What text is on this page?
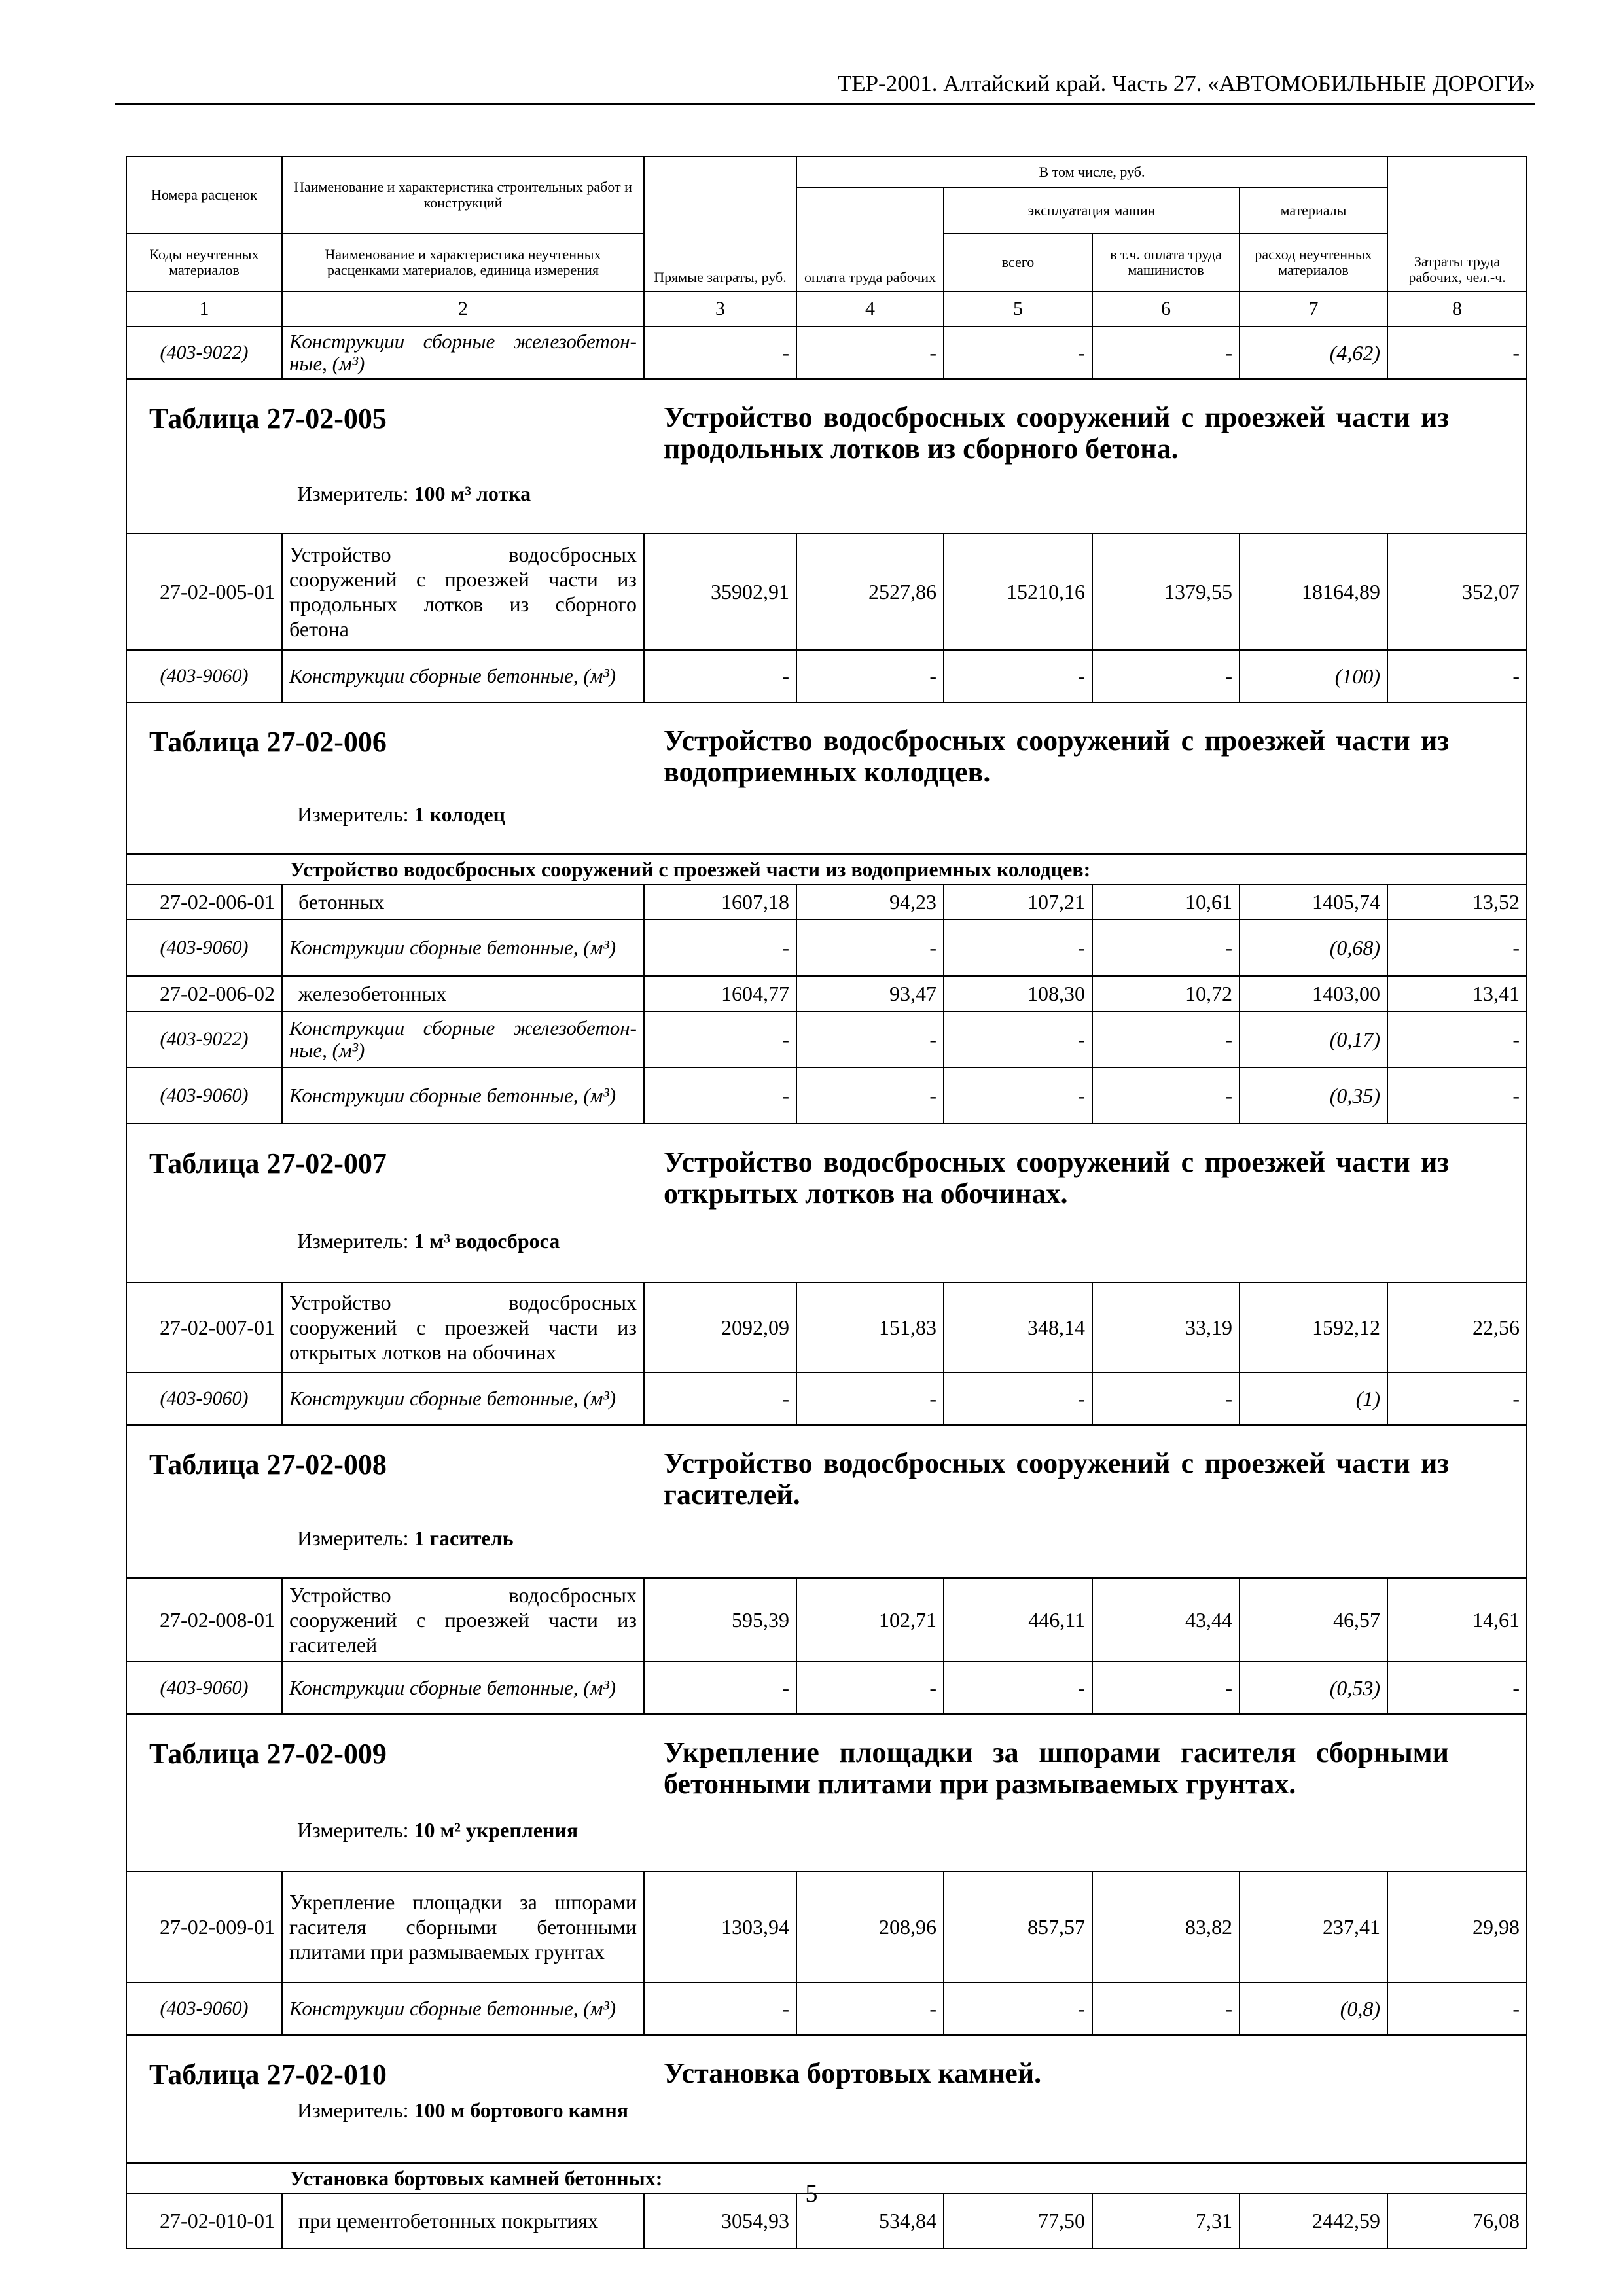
ТЕР-2001. Алтайский край. Часть 27. «АВТОМОБИЛЬНЫЕ ДОРОГИ»
Номера расценок	Наименование и характеристика строительных работ и конструкций	Прямые затраты, руб.	В том числе, руб.				Затраты труда рабочих, чел.-ч.
			оплата труда рабочих	эксплуатация машин		материалы	
Коды неучтенных материалов	Наименование и характеристика неучтенных расценками материалов, единица измерения			всего	в т.ч. оплата труда машинистов	расход неучтенных материалов	

1	2	3	4	5	6	7	8
(403-9022)	Конструкции сборные железобетон-ные, (м³)	-	-	-	-	(4,62)	-

Таблица 27-02-005 Устройство водосбросных сооружений с проезжей части из продольных лотков из сборного бетона.
Измеритель: 100 м³ лотка							

27-02-005-01	Устройство водосбросных сооружений с проезжей части из продольных лотков из сборного бетона	35902,91	2527,86	15210,16	1379,55	18164,89	352,07
(403-9060)	Конструкции сборные бетонные, (м³)	-	-	-	-	(100)	-

Таблица 27-02-006 Устройство водосбросных сооружений с проезжей части из водоприемных колодцев.
Измеритель: 1 колодец							

	Устройство водосбросных сооружений с проезжей части из водоприемных колодцев:						
27-02-006-01	бетонных	1607,18	94,23	107,21	10,61	1405,74	13,52
(403-9060)	Конструкции сборные бетонные, (м³)	-	-	-	-	(0,68)	-
27-02-006-02	железобетонных	1604,77	93,47	108,30	10,72	1403,00	13,41
(403-9022)	Конструкции сборные железобетон-ные, (м³)	-	-	-	-	(0,17)	-
(403-9060)	Конструкции сборные бетонные, (м³)	-	-	-	-	(0,35)	-

Таблица 27-02-007 Устройство водосбросных сооружений с проезжей части из открытых лотков на обочинах.
Измеритель: 1 м³ водосброса							

27-02-007-01	Устройство водосбросных сооружений с проезжей части из открытых лотков на обочинах	2092,09	151,83	348,14	33,19	1592,12	22,56
(403-9060)	Конструкции сборные бетонные, (м³)	-	-	-	-	(1)	-

Таблица 27-02-008 Устройство водосбросных сооружений с проезжей части из гасителей.
Измеритель: 1 гаситель							

27-02-008-01	Устройство водосбросных сооружений с проезжей части из гасителей	595,39	102,71	446,11	43,44	46,57	14,61
(403-9060)	Конструкции сборные бетонные, (м³)	-	-	-	-	(0,53)	-

Таблица 27-02-009 Укрепление площадки за шпорами гасителя сборными бетонными плитами при размываемых грунтах.
Измеритель: 10 м² укрепления							

27-02-009-01	Укрепление площадки за шпорами гасителя сборными бетонными плитами при размываемых грунтах	1303,94	208,96	857,57	83,82	237,41	29,98
(403-9060)	Конструкции сборные бетонные, (м³)	-	-	-	-	(0,8)	-

Таблица 27-02-010 Установка бортовых камней.
Измеритель: 100 м бортового камня							

	Установка бортовых камней бетонных:						
27-02-010-01	при цементобетонных покрытиях	3054,93	534,84	77,50	7,31	2442,59	76,08
5
